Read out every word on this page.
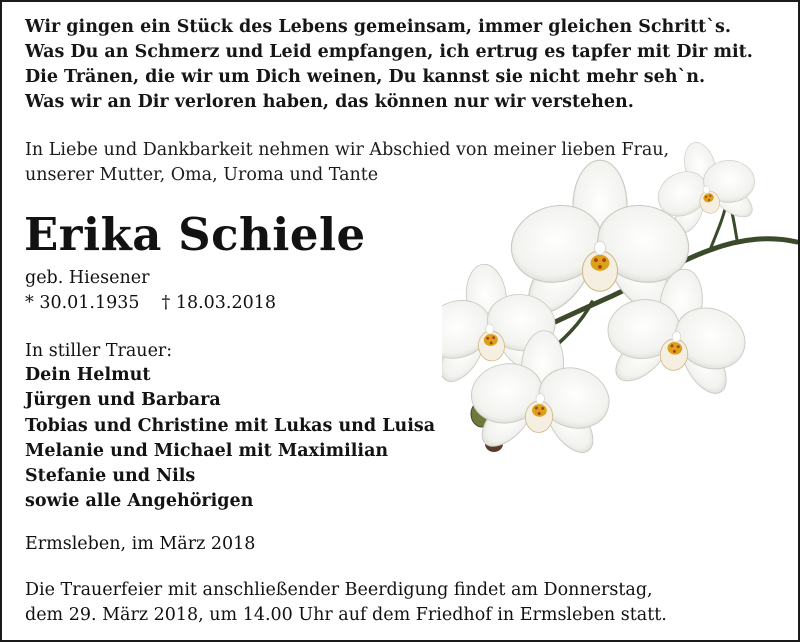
Wir gingen ein Stück des Lebens gemeinsam, immer gleichen Schritt`s.
Was Du an Schmerz und Leid empfangen, ich ertrug es tapfer mit Dir mit.
Die Tränen, die wir um Dich weinen, Du kannst sie nicht mehr seh`n.
Was wir an Dir verloren haben, das können nur wir verstehen.
In Liebe und Dankbarkeit nehmen wir Abschied von meiner lieben Frau,
unserer Mutter, Oma, Uroma und Tante
Erika Schiele
geb. Hiesener
* 30.01.1935 † 18.03.2018
In stiller Trauer:
Dein Helmut
Jürgen und Barbara
Tobias und Christine mit Lukas und Luisa
Melanie und Michael mit Maximilian
Stefanie und Nils
sowie alle Angehörigen
Ermsleben, im März 2018
Die Trauerfeier mit anschließender Beerdigung findet am Donnerstag,
dem 29. März 2018, um 14.00 Uhr auf dem Friedhof in Ermsleben statt.
